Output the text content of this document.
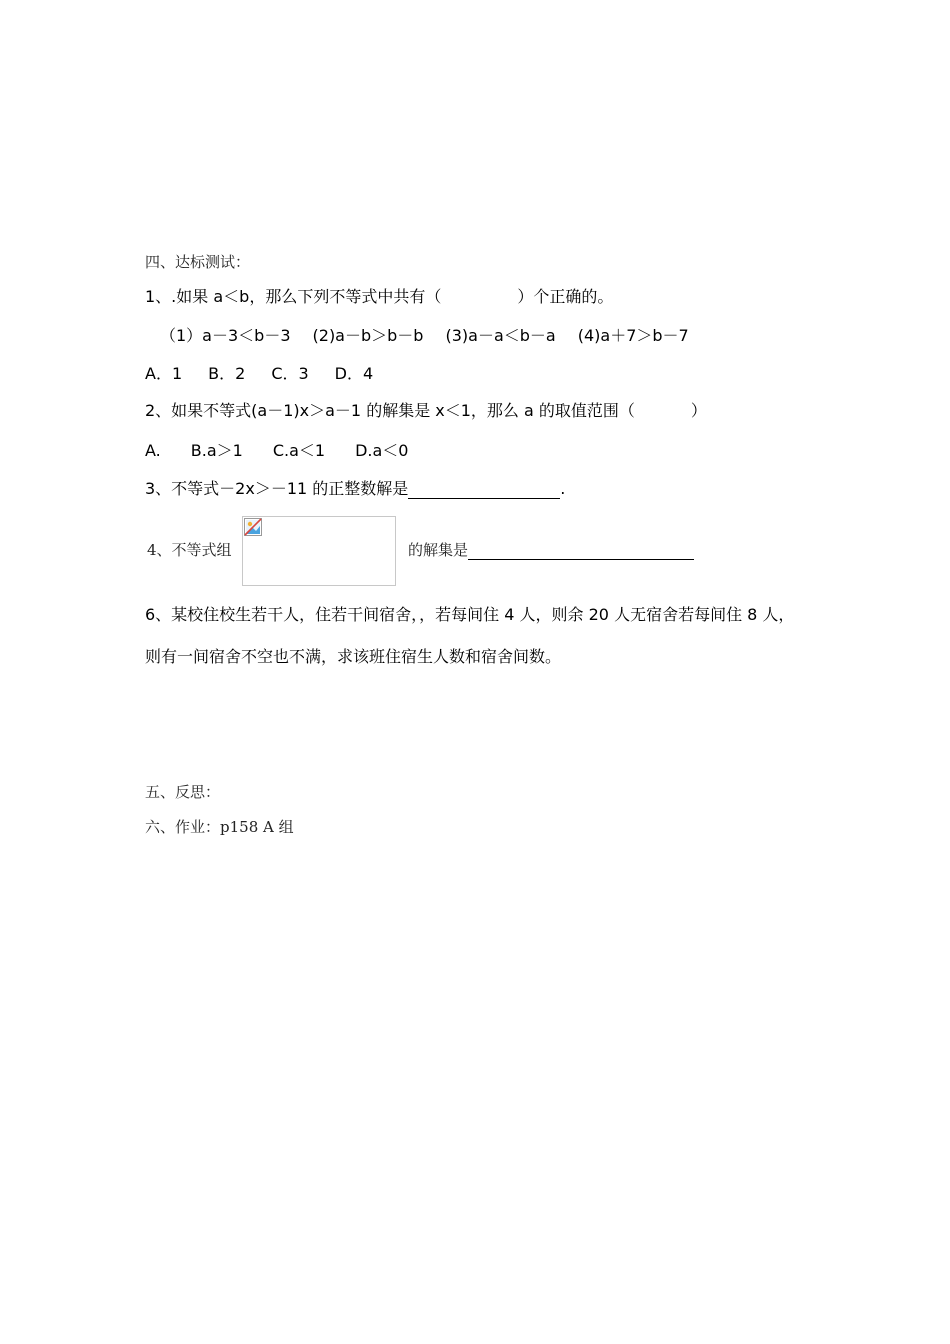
四、达标测试：
1、.如果 a＜b，那么下列不等式中共有（	）个正确的。
（1）a－3＜b－3 (2)a－b＞b－b (3)a－a＜b－a (4)a＋7＞b－7
A．1 B．2 C．3 D．4
2、如果不等式(a－1)x＞a－1 的解集是 x＜1，那么 a 的取值范围（	）
A. B.a＞1 C.a＜1 D.a＜0
3、不等式－2x＞－11 的正整数解是	.
4、不等式组	的解集是
6、某校住校生若干人，住若干间宿舍，，若每间住 4 人，则余 20 人无宿舍若每间住 8 人，
则有一间宿舍不空也不满，求该班住宿生人数和宿舍间数。
五、反思：
六、作业：p158 A 组
